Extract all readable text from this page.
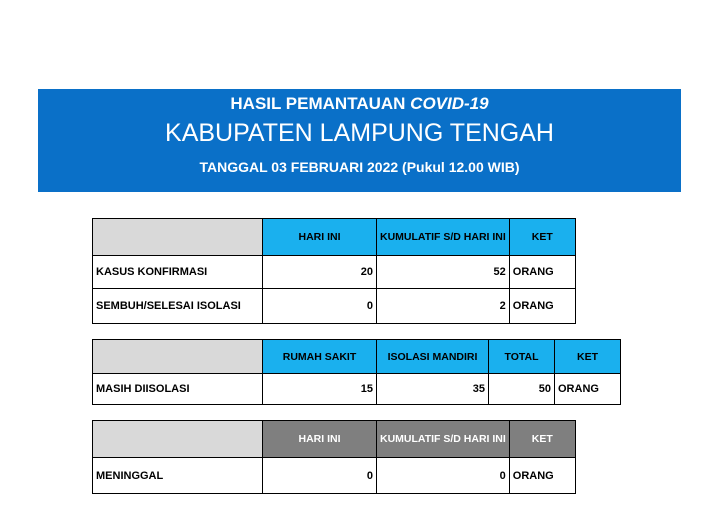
HASIL PEMANTAUAN COVID-19
KABUPATEN LAMPUNG TENGAH
TANGGAL 03 FEBRUARI 2022 (Pukul 12.00 WIB)
	HARI INI	KUMULATIF S/D HARI INI	KET
KASUS KONFIRMASI	20	52	ORANG
SEMBUH/SELESAI ISOLASI	0	2	ORANG
	RUMAH SAKIT	ISOLASI MANDIRI	TOTAL	KET
MASIH DIISOLASI	15	35	50	ORANG
	HARI INI	KUMULATIF S/D HARI INI	KET
MENINGGAL	0	0	ORANG
